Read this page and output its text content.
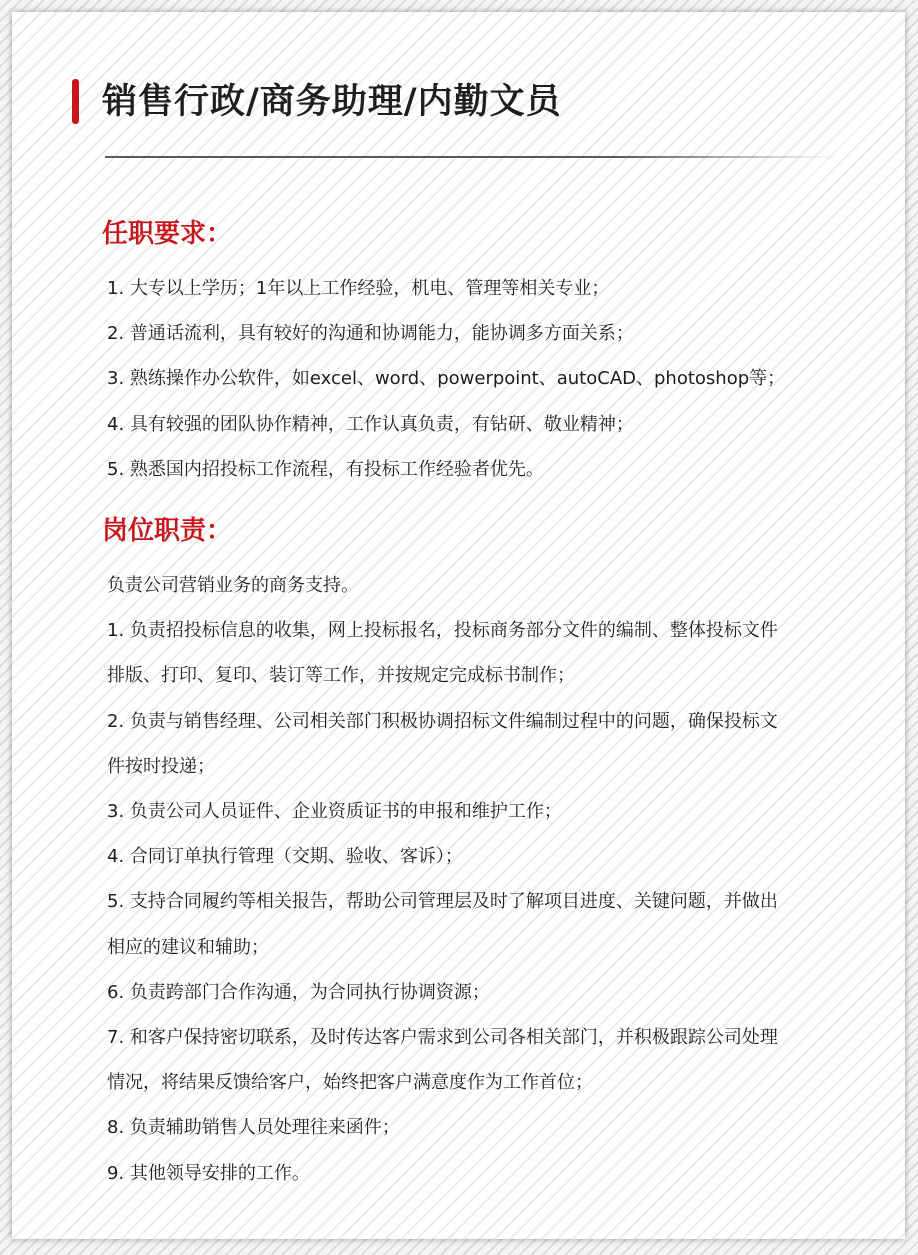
销售行政/商务助理/内勤文员
任职要求：
1. 大专以上学历；1年以上工作经验，机电、管理等相关专业；
2. 普通话流利，具有较好的沟通和协调能力，能协调多方面关系；
3. 熟练操作办公软件，如excel、word、powerpoint、autoCAD、photoshop等；
4. 具有较强的团队协作精神，工作认真负责，有钻研、敬业精神；
5. 熟悉国内招投标工作流程，有投标工作经验者优先。
岗位职责：
负责公司营销业务的商务支持。
1. 负责招投标信息的收集，网上投标报名，投标商务部分文件的编制、整体投标文件
排版、打印、复印、装订等工作，并按规定完成标书制作；
2. 负责与销售经理、公司相关部门积极协调招标文件编制过程中的问题，确保投标文
件按时投递；
3. 负责公司人员证件、企业资质证书的申报和维护工作；
4. 合同订单执行管理（交期、验收、客诉）；
5. 支持合同履约等相关报告，帮助公司管理层及时了解项目进度、关键问题，并做出
相应的建议和辅助；
6. 负责跨部门合作沟通，为合同执行协调资源；
7. 和客户保持密切联系，及时传达客户需求到公司各相关部门，并积极跟踪公司处理
情况，将结果反馈给客户，始终把客户满意度作为工作首位；
8. 负责辅助销售人员处理往来函件；
9. 其他领导安排的工作。
